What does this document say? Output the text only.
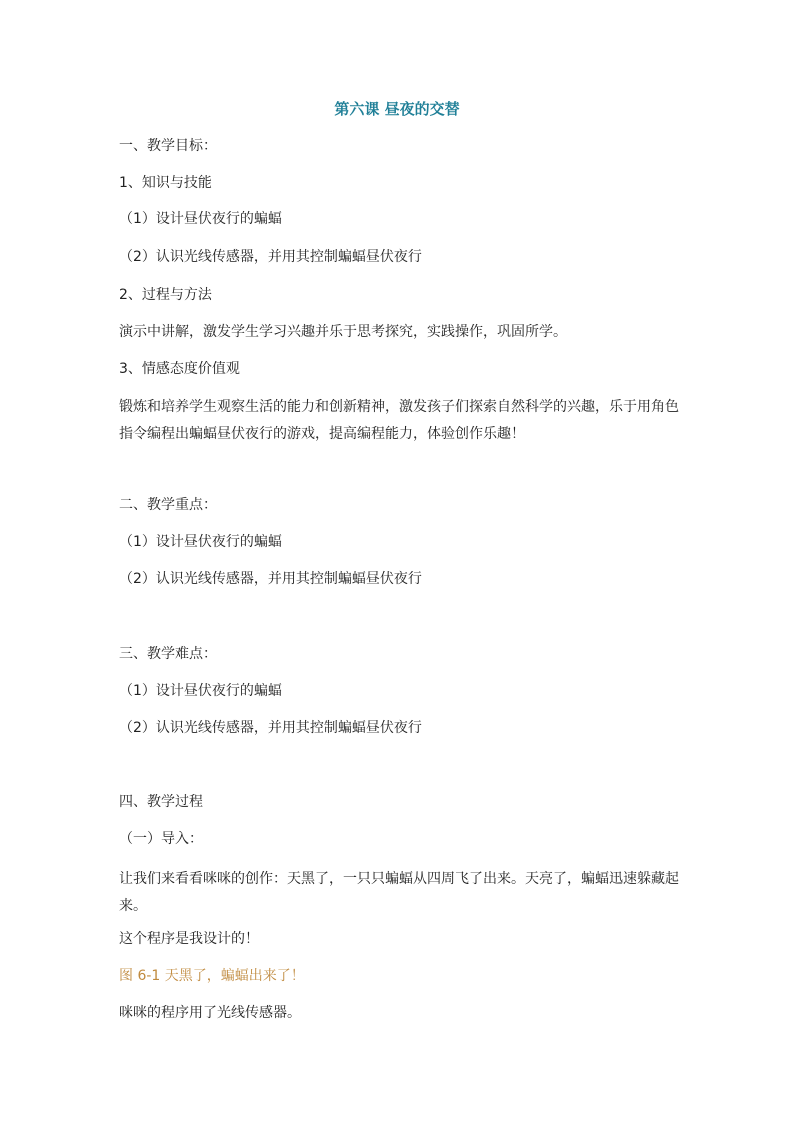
第六课 昼夜的交替
一、教学目标：
1、知识与技能
（1）设计昼伏夜行的蝙蝠
（2）认识光线传感器，并用其控制蝙蝠昼伏夜行
2、过程与方法
演示中讲解，激发学生学习兴趣并乐于思考探究，实践操作，巩固所学。
3、情感态度价值观
锻炼和培养学生观察生活的能力和创新精神，激发孩子们探索自然科学的兴趣，乐于用角色指令编程出蝙蝠昼伏夜行的游戏，提高编程能力，体验创作乐趣！
二、教学重点：
（1）设计昼伏夜行的蝙蝠
（2）认识光线传感器，并用其控制蝙蝠昼伏夜行
三、教学难点：
（1）设计昼伏夜行的蝙蝠
（2）认识光线传感器，并用其控制蝙蝠昼伏夜行
四、教学过程
（一）导入：
让我们来看看咪咪的创作：天黑了，一只只蝙蝠从四周飞了出来。天亮了，蝙蝠迅速躲藏起来。
这个程序是我设计的！
图 6-1 天黑了，蝙蝠出来了！
咪咪的程序用了光线传感器。
